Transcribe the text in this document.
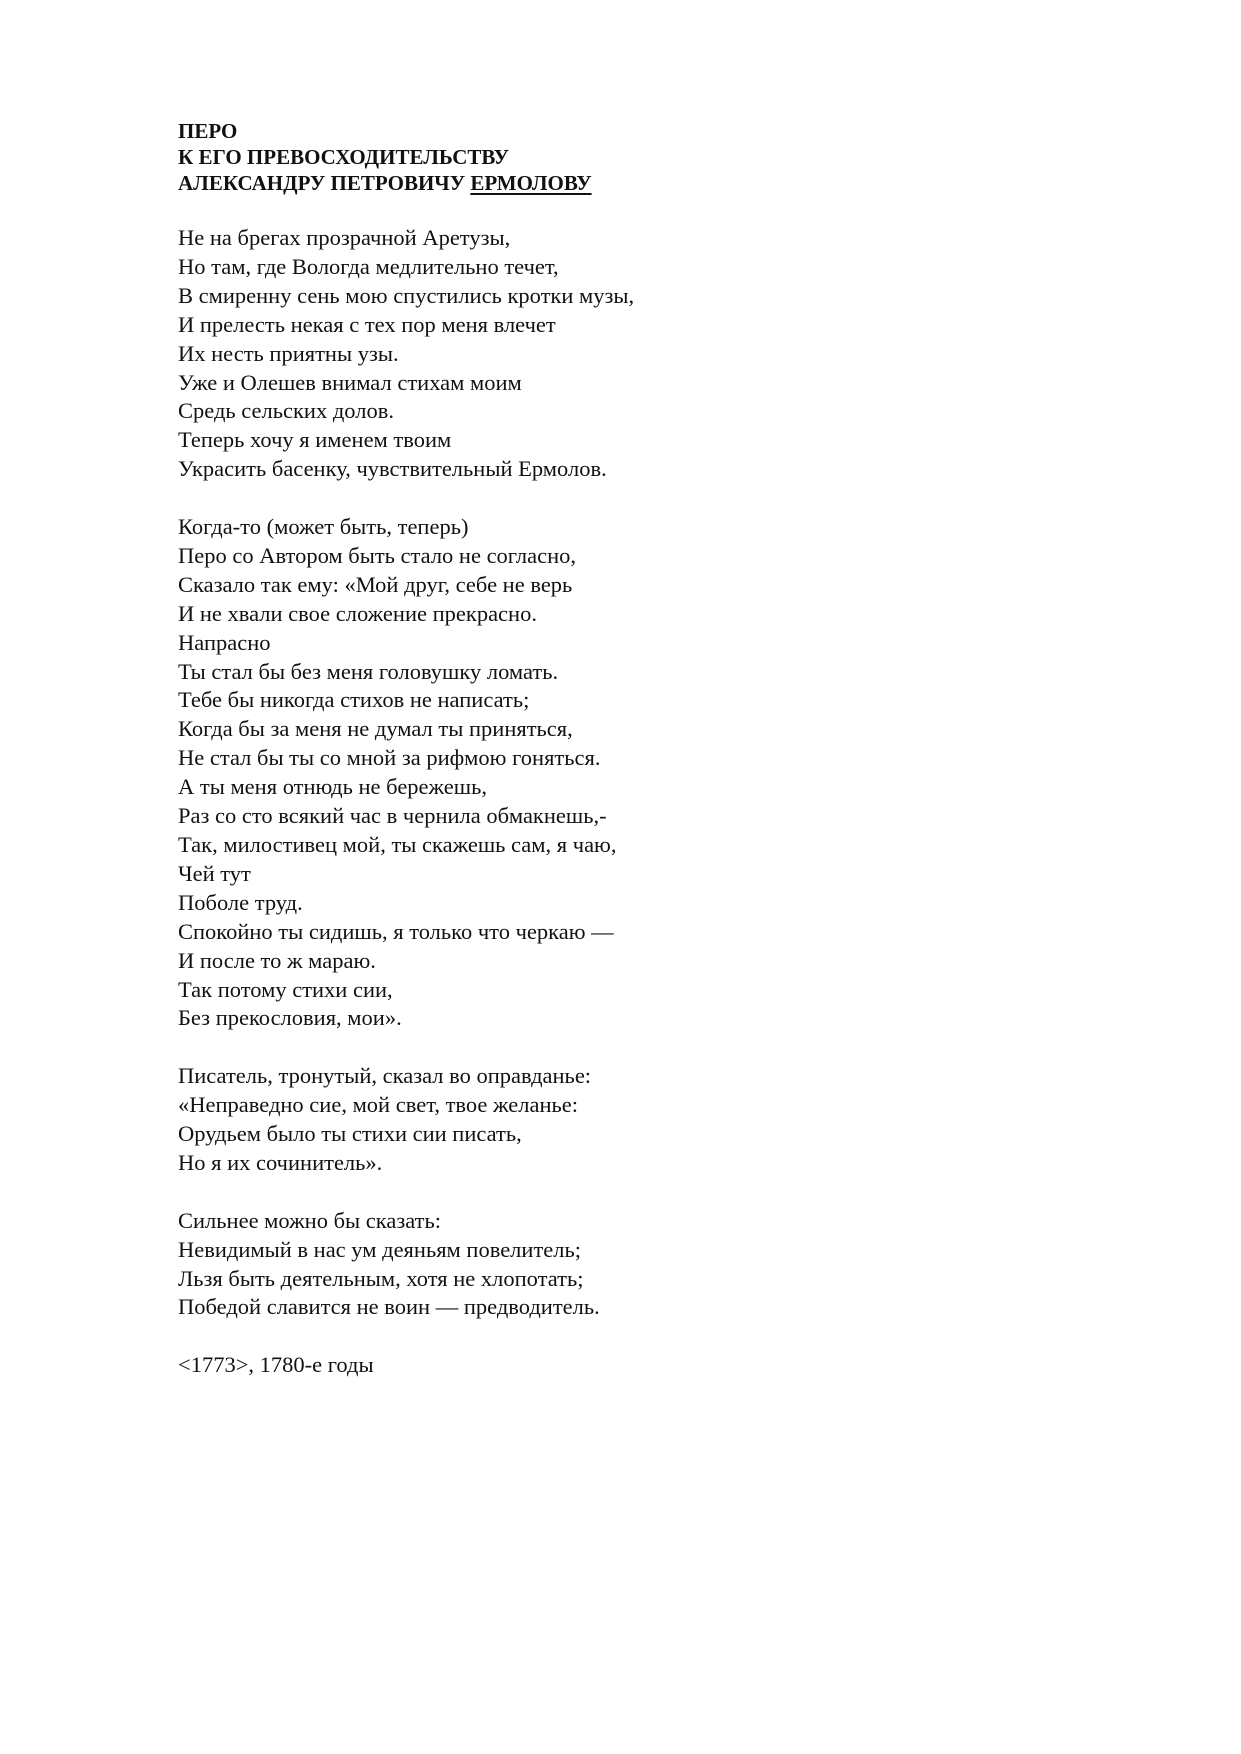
ПЕРО
К ЕГО ПРЕВОСХОДИТЕЛЬСТВУ
АЛЕКСАНДРУ ПЕТРОВИЧУ ЕРМОЛОВУ
Не на брегах прозрачной Аретузы,
Но там, где Вологда медлительно течет,
В смиренну сень мою спустились кротки музы,
И прелесть некая с тех пор меня влечет
Их несть приятны узы.
Уже и Олешев внимал стихам моим
Средь сельских долов.
Теперь хочу я именем твоим
Украсить басенку, чувствительный Ермолов.
Когда-то (может быть, теперь)
Перо со Автором быть стало не согласно,
Сказало так ему: «Мой друг, себе не верь
И не хвали свое сложение прекрасно.
Напрасно
Ты стал бы без меня головушку ломать.
Тебе бы никогда стихов не написать;
Когда бы за меня не думал ты приняться,
Не стал бы ты со мной за рифмою гоняться.
А ты меня отнюдь не бережешь,
Раз со сто всякий час в чернила обмакнешь,-
Так, милостивец мой, ты скажешь сам, я чаю,
Чей тут
Поболе труд.
Спокойно ты сидишь, я только что черкаю —
И после то ж мараю.
Так потому стихи сии,
Без прекословия, мои».
Писатель, тронутый, сказал во оправданье:
«Неправедно сие, мой свет, твое желанье:
Орудьем было ты стихи сии писать,
Но я их сочинитель».
Сильнее можно бы сказать:
Невидимый в нас ум деяньям повелитель;
Льзя быть деятельным, хотя не хлопотать;
Победой славится не воин — предводитель.
<1773>, 1780-е годы
